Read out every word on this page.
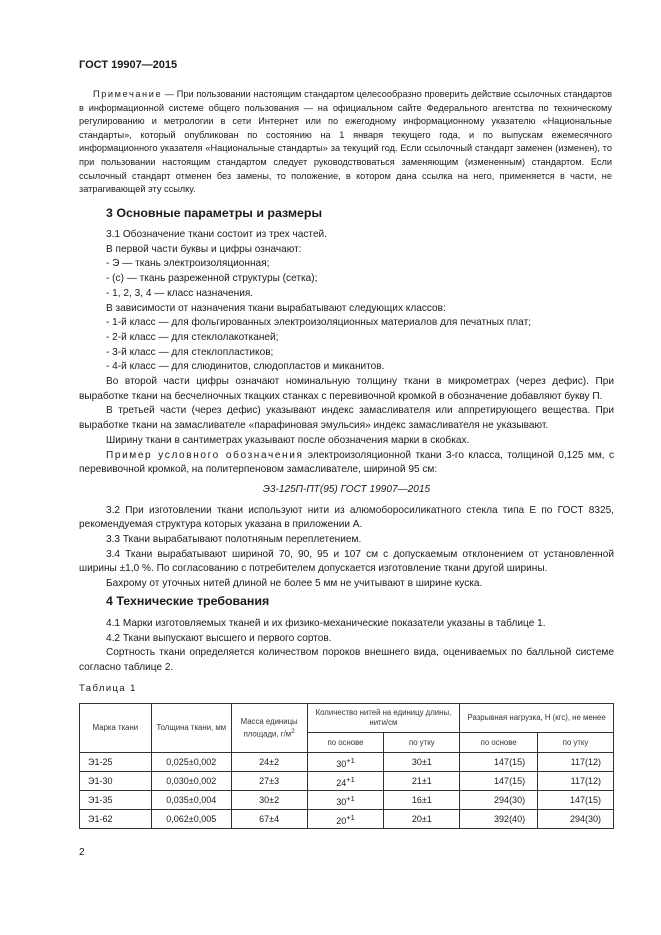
ГОСТ 19907—2015
Примечание — При пользовании настоящим стандартом целесообразно проверить действие ссылочных стандартов в информационной системе общего пользования — на официальном сайте Федерального агентства по техническому регулированию и метрологии в сети Интернет или по ежегодному информационному указателю «Национальные стандарты», который опубликован по состоянию на 1 января текущего года, и по выпускам ежемесячного информационного указателя «Национальные стандарты» за текущий год. Если ссылочный стандарт заменен (изменен), то при пользовании настоящим стандартом следует руководствоваться заменяющим (измененным) стандартом. Если ссылочный стандарт отменен без замены, то положение, в котором дана ссылка на него, применяется в части, не затрагивающей эту ссылку.
3 Основные параметры и размеры

3.1 Обозначение ткани состоит из трех частей.

В первой части буквы и цифры означают:

- Э — ткань электроизоляционная;

- (с) — ткань разреженной структуры (сетка);

- 1, 2, 3, 4 — класс назначения.

В зависимости от назначения ткани вырабатывают следующих классов:

- 1-й класс — для фольгированных электроизоляционных материалов для печатных плат;

- 2-й класс — для стеклолакотканей;

- 3-й класс — для стеклопластиков;

- 4-й класс — для слюдинитов, слюдопластов и миканитов.

Во второй части цифры означают номинальную толщину ткани в микрометрах (через дефис). При выработке ткани на бесчелночных ткацких станках с перевивочной кромкой в обозначение добавляют букву П.

В третьей части (через дефис) указывают индекс замасливателя или аппретирующего вещества. При выработке ткани на замасливателе «парафиновая эмульсия» индекс замасливателя не указывают.

Ширину ткани в сантиметрах указывают после обозначения марки в скобках.

Пример условного обозначения электроизоляционной ткани 3-го класса, толщиной 0,125 мм, с перевивочной кромкой, на политерпеновом замасливателе, шириной 95 см:

Э3-125П-ПТ(95) ГОСТ 19907—2015

3.2 При изготовлении ткани используют нити из алюмоборосиликатного стекла типа Е по ГОСТ 8325, рекомендуемая структура которых указана в приложении А.

3.3 Ткани вырабатывают полотняным переплетением.

3.4 Ткани вырабатывают шириной 70, 90, 95 и 107 см с допускаемым отклонением от установленной ширины ±1,0 %. По согласованию с потребителем допускается изготовление ткани другой ширины.

Бахрому от уточных нитей длиной не более 5 мм не учитывают в ширине куска.

4 Технические требования

4.1 Марки изготовляемых тканей и их физико-механические показатели указаны в таблице 1.

4.2 Ткани выпускают высшего и первого сортов.

Сортность ткани определяется количеством пороков внешнего вида, оцениваемых по балльной системе согласно таблице 2.

Таблица 1
Марка ткани	Толщина ткани, мм	Масса единицы площади, $г/м^2$	Количество нитей на единицу длины, нити/см		Разрывная нагрузка, Н (кгс), не менее	
			по основе	по утку	по основе	по утку
Э1-25	0,025±0,002	24±2	$30^{+1}$	30±1	147(15)	117(12)
Э1-30	0,030±0,002	27±3	$24^{+1}$	21±1	147(15)	117(12)
Э1-35	0,035±0,004	30±2	$30^{+1}$	16±1	294(30)	147(15)
Э1-62	0,062±0,005	67±4	$20^{+1}$	20±1	392(40)	294(30)
2
